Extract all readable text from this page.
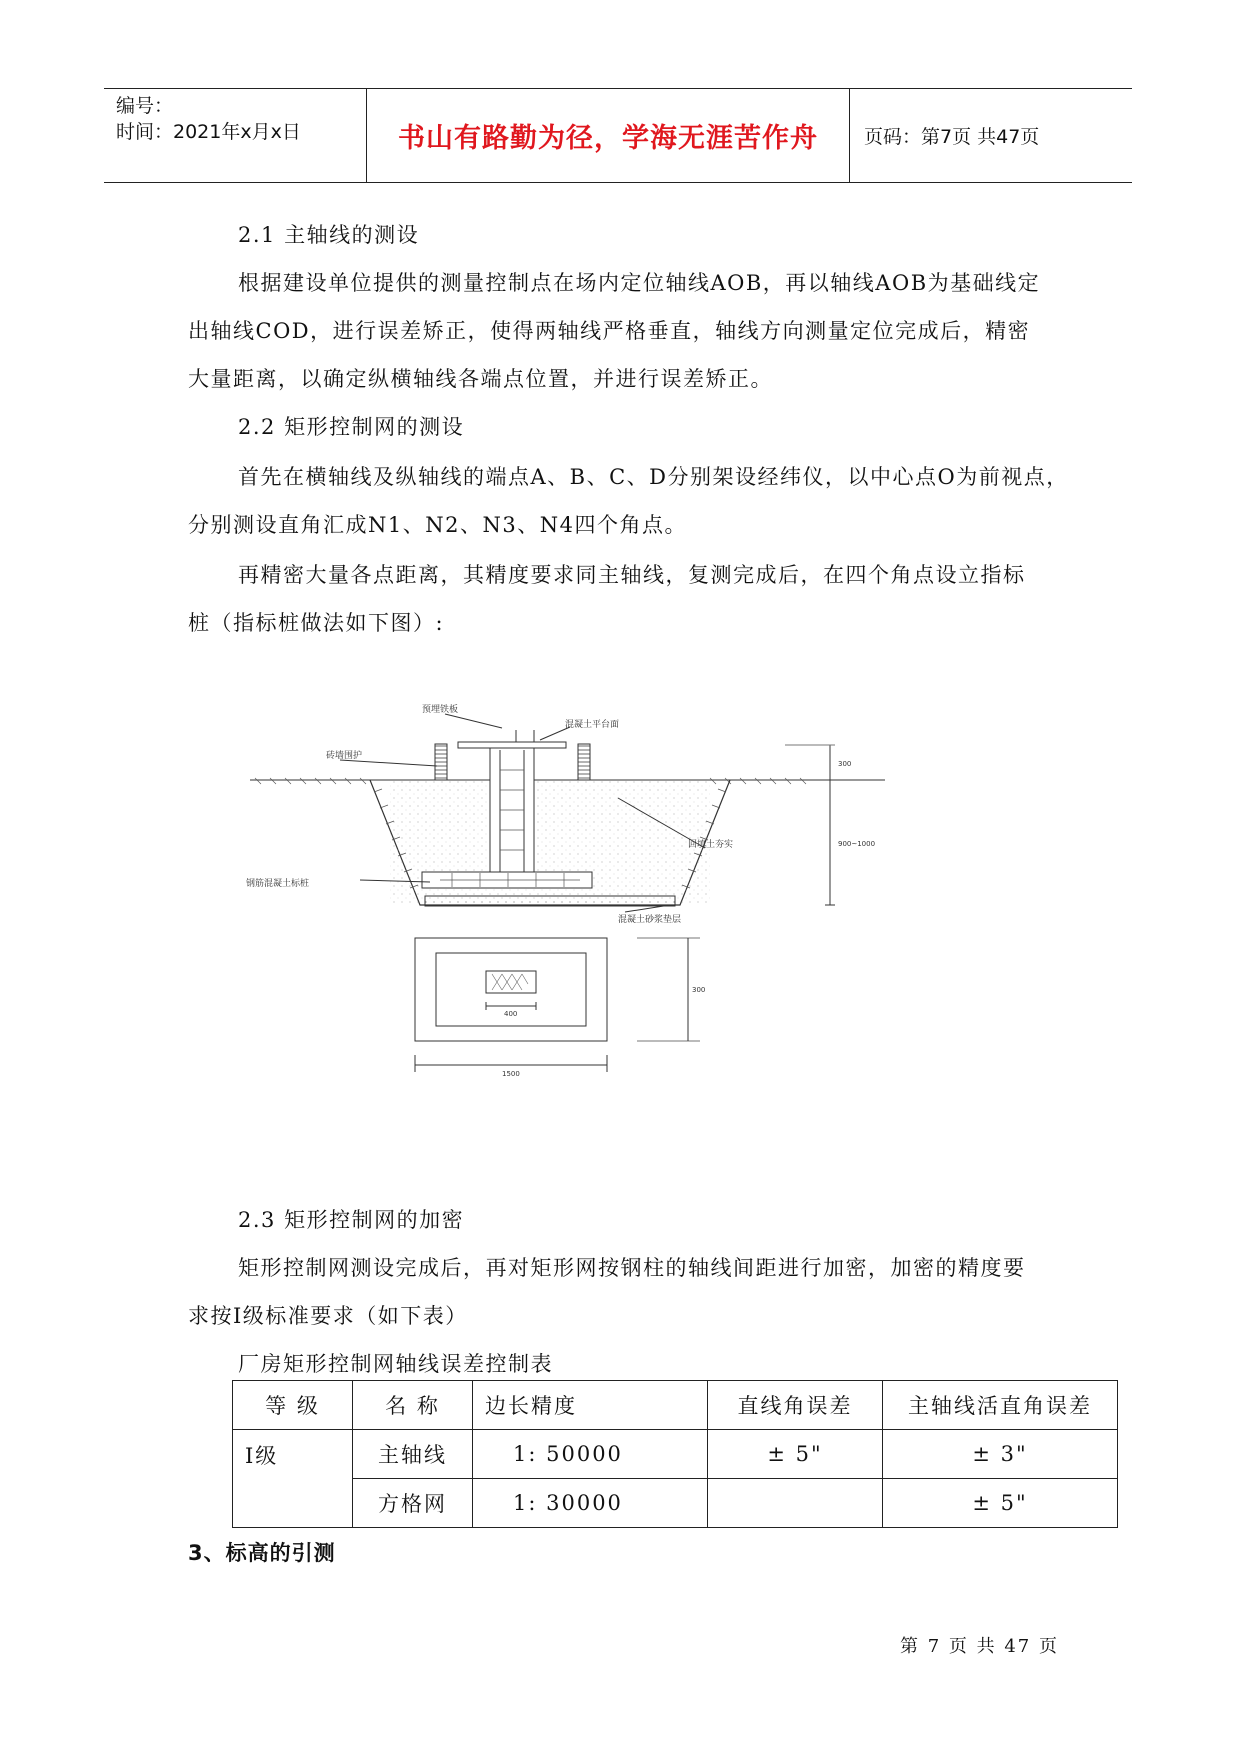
编号：
时间：2021年x月x日	书山有路勤为径，学海无涯苦作舟	页码：第7页 共47页
2.1 主轴线的测设
根据建设单位提供的测量控制点在场内定位轴线AOB，再以轴线AOB为基础线定
出轴线COD，进行误差矫正，使得两轴线严格垂直，轴线方向测量定位完成后，精密
大量距离，以确定纵横轴线各端点位置，并进行误差矫正。
2.2 矩形控制网的测设
首先在横轴线及纵轴线的端点A、B、C、D分别架设经纬仪，以中心点O为前视点，
分别测设直角汇成N1、N2、N3、N4四个角点。
再精密大量各点距离，其精度要求同主轴线，复测完成后，在四个角点设立指标
桩（指标桩做法如下图）:
预埋铁板
混凝土平台面
砖墙围护
回填土夯实
钢筋混凝土标桩
混凝土砂浆垫层
300
900~1000
400
1500
300
2.3 矩形控制网的加密
矩形控制网测设完成后，再对矩形网按钢柱的轴线间距进行加密，加密的精度要
求按I级标准要求（如下表）
厂房矩形控制网轴线误差控制表
等 级	名 称	边长精度	直线角误差	主轴线活直角误差
I级	主轴线	1: 50000	± 5"	± 3"
	方格网	1: 30000		± 5"
3、标高的引测
第 7 页 共 47 页
